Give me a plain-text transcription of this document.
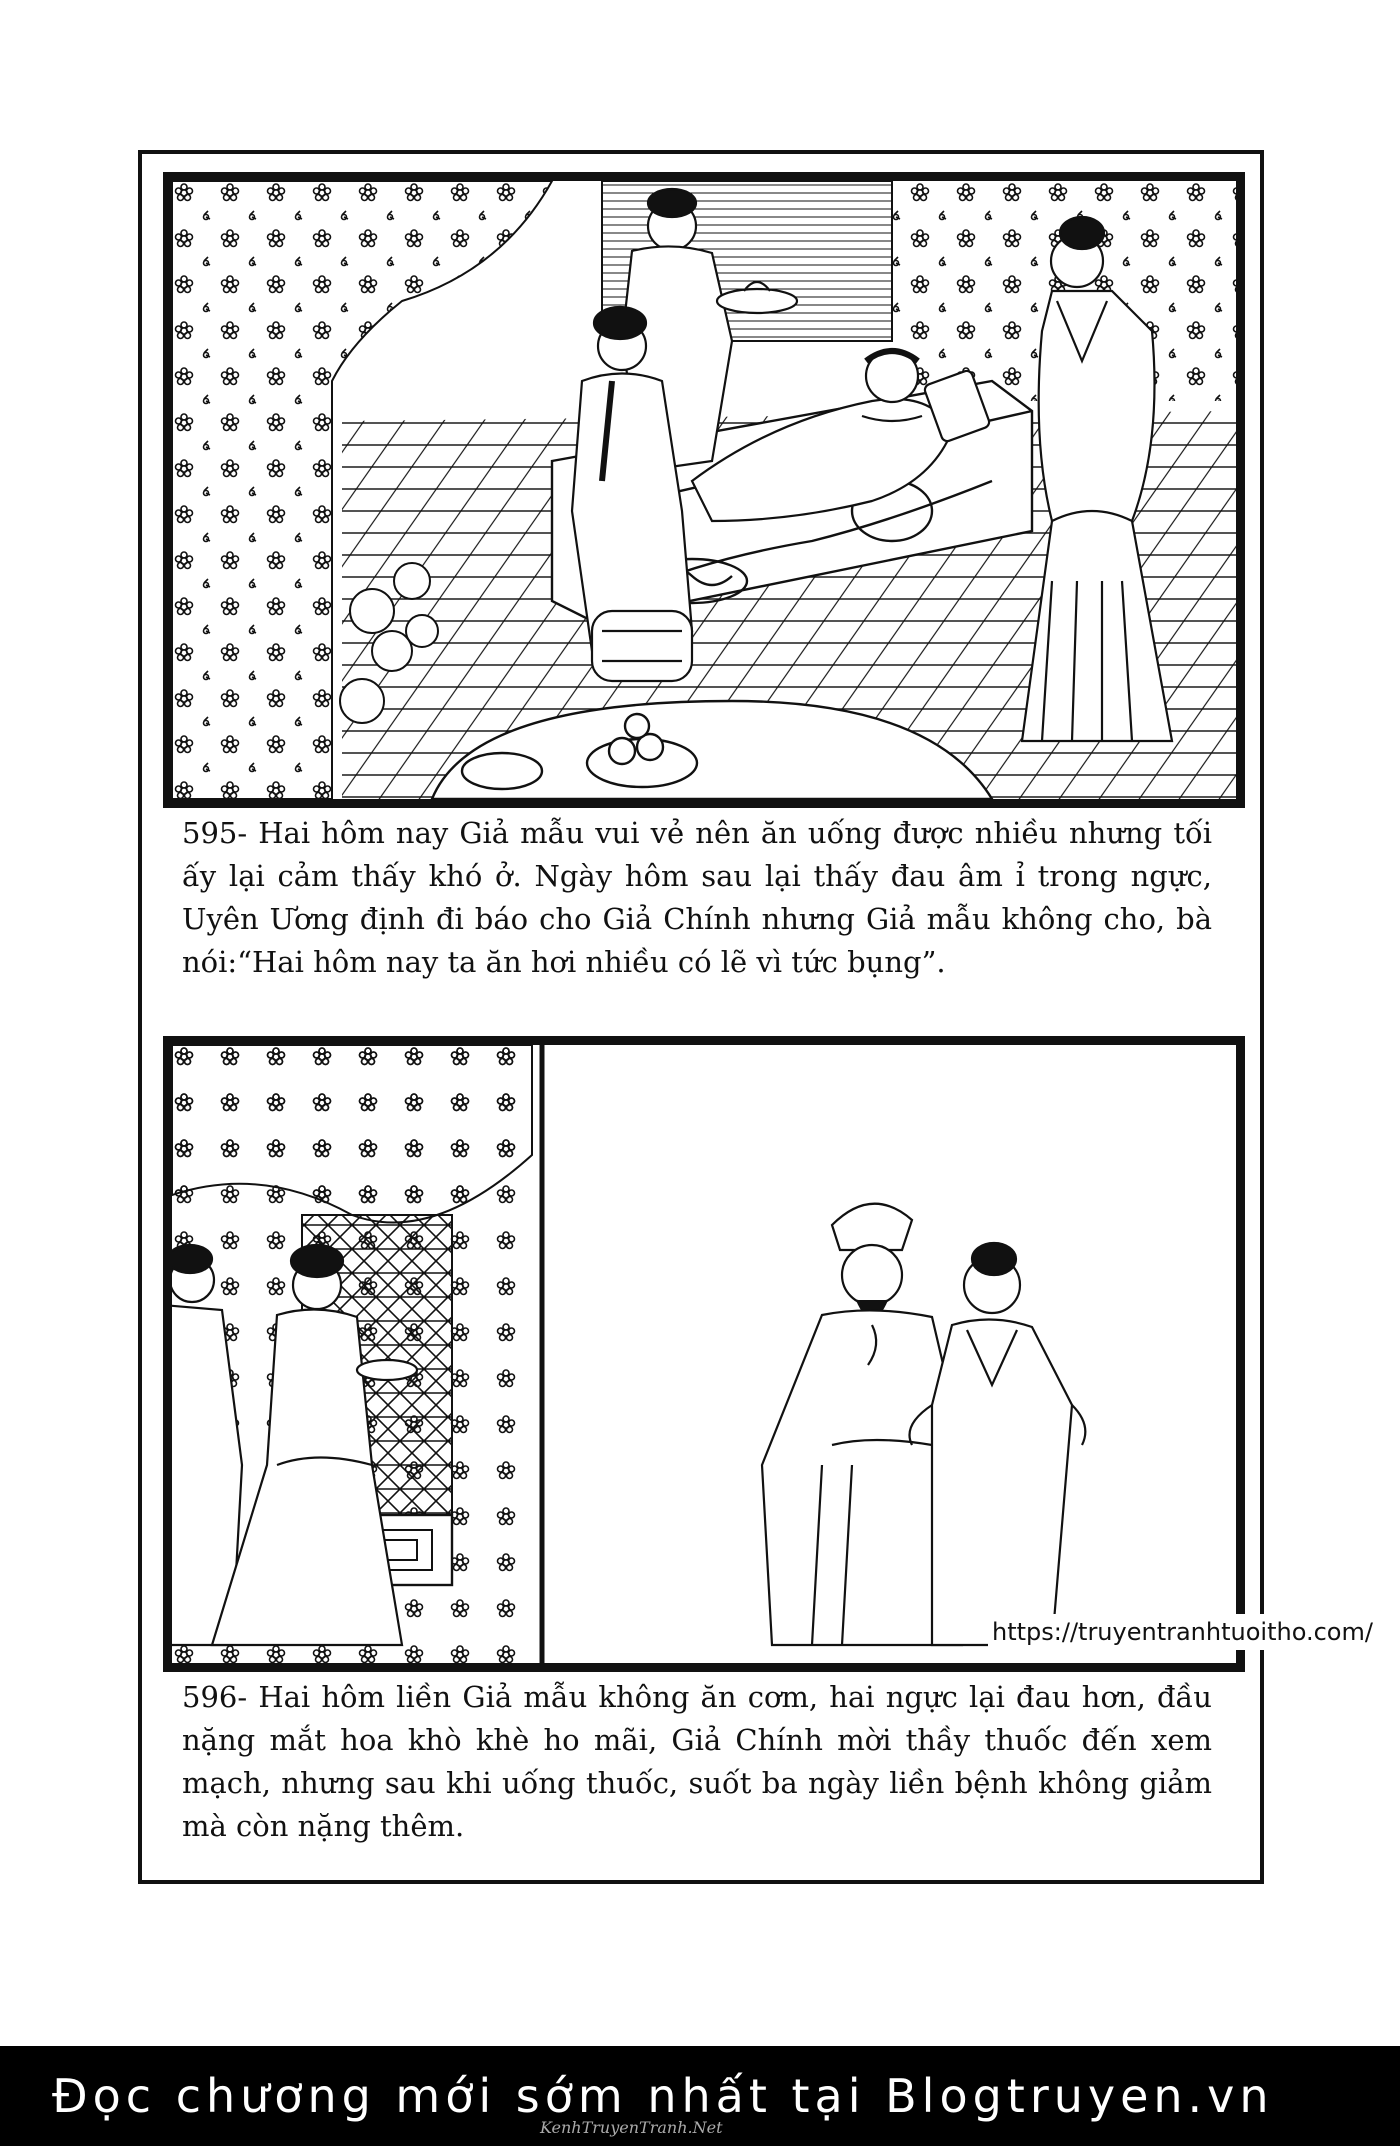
595- Hai hôm nay Giả mẫu vui vẻ nên ăn uống được nhiều nhưng tối ấy lại cảm thấy khó ở. Ngày hôm sau lại thấy đau âm ỉ trong ngực, Uyên Ương định đi báo cho Giả Chính nhưng Giả mẫu không cho, bà nói:“Hai hôm nay ta ăn hơi nhiều có lẽ vì tức bụng”.
https://truyentranhtuoitho.com/
596- Hai hôm liền Giả mẫu không ăn cơm, hai ngực lại đau hơn, đầu nặng mắt hoa khò khè ho mãi, Giả Chính mời thầy thuốc đến xem mạch, nhưng sau khi uống thuốc, suốt ba ngày liền bệnh không giảm mà còn nặng thêm.
Đọc chương mới sớm nhất tại Blogtruyen.vn
KenhTruyenTranh.Net
